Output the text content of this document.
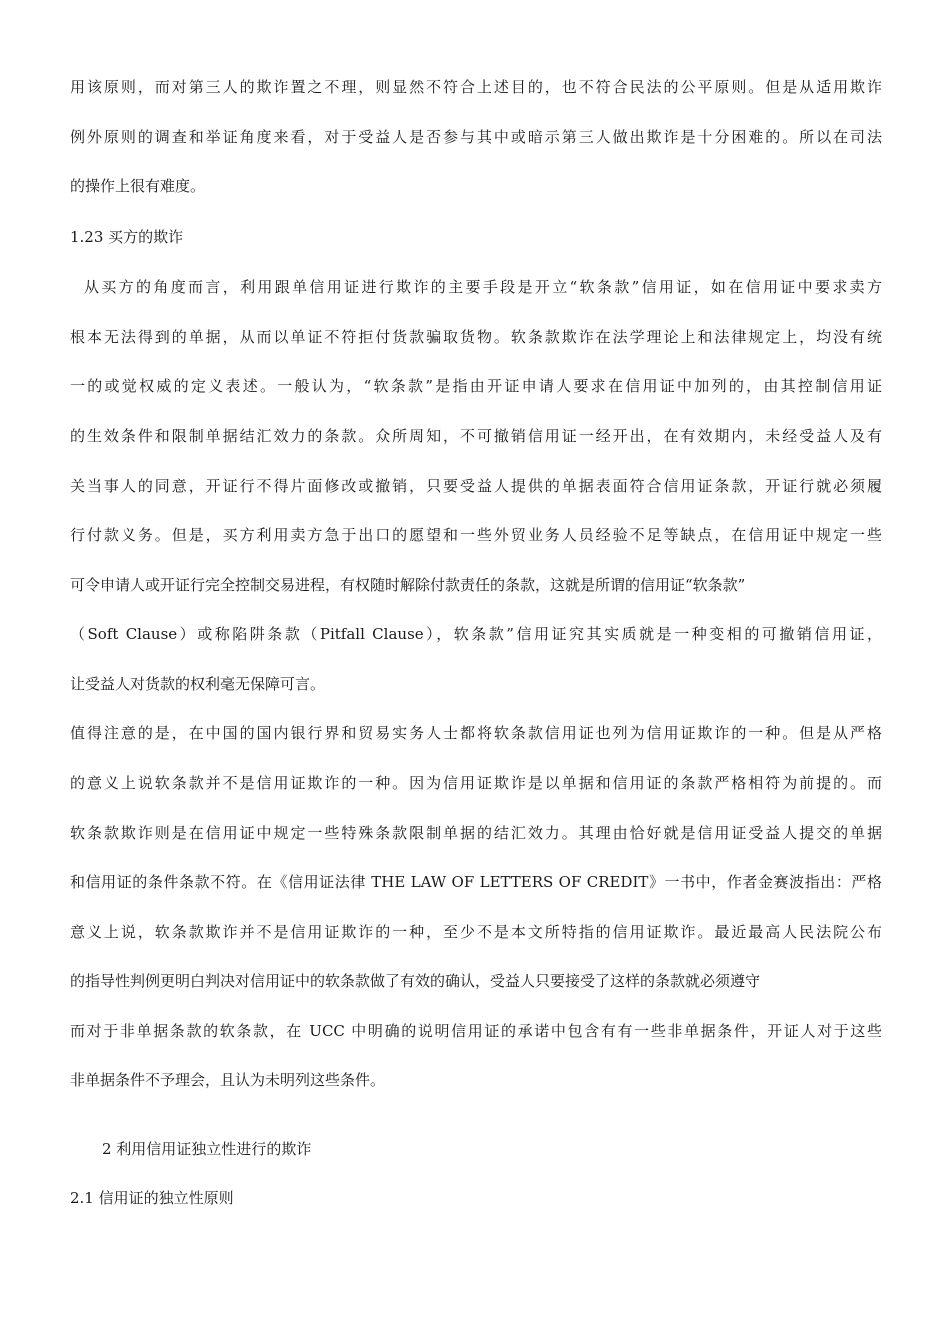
用该原则，而对第三人的欺诈置之不理，则显然不符合上述目的，也不符合民法的公平原则。但是从适用欺诈
例外原则的调查和举证角度来看，对于受益人是否参与其中或暗示第三人做出欺诈是十分困难的。所以在司法
的操作上很有难度。
1.23 买方的欺诈
从买方的角度而言，利用跟单信用证进行欺诈的主要手段是开立“软条款”信用证，如在信用证中要求卖方
根本无法得到的单据，从而以单证不符拒付货款骗取货物。软条款欺诈在法学理论上和法律规定上，均没有统
一的或觉权威的定义表述。一般认为，“软条款”是指由开证申请人要求在信用证中加列的，由其控制信用证
的生效条件和限制单据结汇效力的条款。众所周知，不可撤销信用证一经开出，在有效期内，未经受益人及有
关当事人的同意，开证行不得片面修改或撤销，只要受益人提供的单据表面符合信用证条款，开证行就必须履
行付款义务。但是，买方利用卖方急于出口的愿望和一些外贸业务人员经验不足等缺点，在信用证中规定一些
可令申请人或开证行完全控制交易进程，有权随时解除付款责任的条款，这就是所谓的信用证“软条款”
（Soft Clause）或称陷阱条款（Pitfall Clause），软条款”信用证究其实质就是一种变相的可撤销信用证，
让受益人对货款的权利毫无保障可言。
值得注意的是，在中国的国内银行界和贸易实务人士都将软条款信用证也列为信用证欺诈的一种。但是从严格
的意义上说软条款并不是信用证欺诈的一种。因为信用证欺诈是以单据和信用证的条款严格相符为前提的。而
软条款欺诈则是在信用证中规定一些特殊条款限制单据的结汇效力。其理由恰好就是信用证受益人提交的单据
和信用证的条件条款不符。在《信用证法律 THE LAW OF LETTERS OF CREDIT》一书中，作者金赛波指出：严格
意义上说，软条款欺诈并不是信用证欺诈的一种，至少不是本文所特指的信用证欺诈。最近最高人民法院公布
的指导性判例更明白判决对信用证中的软条款做了有效的确认，受益人只要接受了这样的条款就必须遵守
而对于非单据条款的软条款，在 UCC 中明确的说明信用证的承诺中包含有有一些非单据条件，开证人对于这些
非单据条件不予理会，且认为未明列这些条件。
2 利用信用证独立性进行的欺诈
2.1 信用证的独立性原则
